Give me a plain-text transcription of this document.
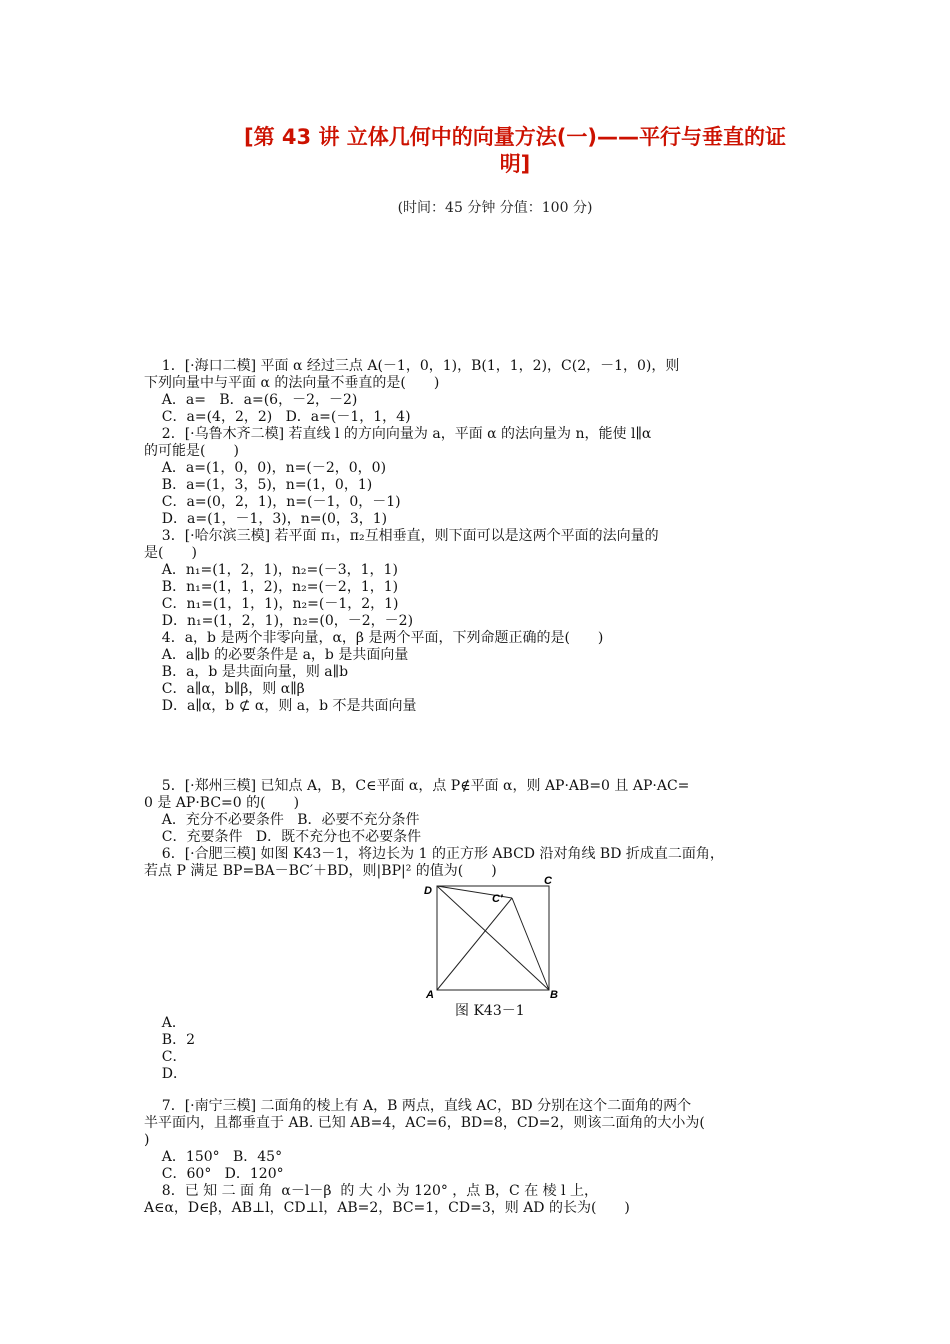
[第 43 讲 立体几何中的向量方法(一)——平行与垂直的证
明]
(时间：45 分钟 分值：100 分)
1．[·海口二模] 平面 α 经过三点 A(－1，0，1)，B(1，1，2)，C(2，－1，0)，则
下列向量中与平面 α 的法向量不垂直的是(　　)
A．a=   B．a=(6，－2，－2)
C．a=(4，2，2)   D．a=(－1，1，4)
2．[·乌鲁木齐二模] 若直线 l 的方向向量为 a，平面 α 的法向量为 n，能使 l∥α
的可能是(　　)
A．a=(1，0，0)，n=(－2，0，0)
B．a=(1，3，5)，n=(1，0，1)
C．a=(0，2，1)，n=(－1，0，－1)
D．a=(1，－1，3)，n=(0，3，1)
3．[·哈尔滨三模] 若平面 π₁，π₂互相垂直，则下面可以是这两个平面的法向量的
是(　　)
A．n₁=(1，2，1)，n₂=(－3，1，1)
B．n₁=(1，1，2)，n₂=(－2，1，1)
C．n₁=(1，1，1)，n₂=(－1，2，1)
D．n₁=(1，2，1)，n₂=(0，－2，－2)
4．a，b 是两个非零向量，α，β 是两个平面，下列命题正确的是(　　)
A．a∥b 的必要条件是 a，b 是共面向量
B．a，b 是共面向量，则 a∥b
C．a∥α，b∥β，则 α∥β
D．a∥α，b ⊄ α，则 a，b 不是共面向量
5．[·郑州三模] 已知点 A，B，C∈平面 α，点 P∉平面 α，则 AP·AB=0 且 AP·AC=
0 是 AP·BC=0 的(　　)
A．充分不必要条件   B．必要不充分条件
C．充要条件   D．既不充分也不必要条件
6．[·合肥三模] 如图 K43－1，将边长为 1 的正方形 ABCD 沿对角线 BD 折成直二面角，
若点 P 满足 BP=BA－BC′＋BD，则|BP|² 的值为(　　)
D
C
C′
A	B
图 K43－1
A．
B．2
C．
D．
7．[·南宁三模] 二面角的棱上有 A，B 两点，直线 AC，BD 分别在这个二面角的两个
半平面内，且都垂直于 AB. 已知 AB=4，AC=6，BD=8，CD=2，则该二面角的大小为(
)
A．150°   B．45°
C．60°   D．120°
8．已 知 二 面 角  α－l－β  的 大 小 为 120° ，点 B，C 在 棱 l 上，
A∈α，D∈β，AB⊥l，CD⊥l，AB=2，BC=1，CD=3，则 AD 的长为(　　)
